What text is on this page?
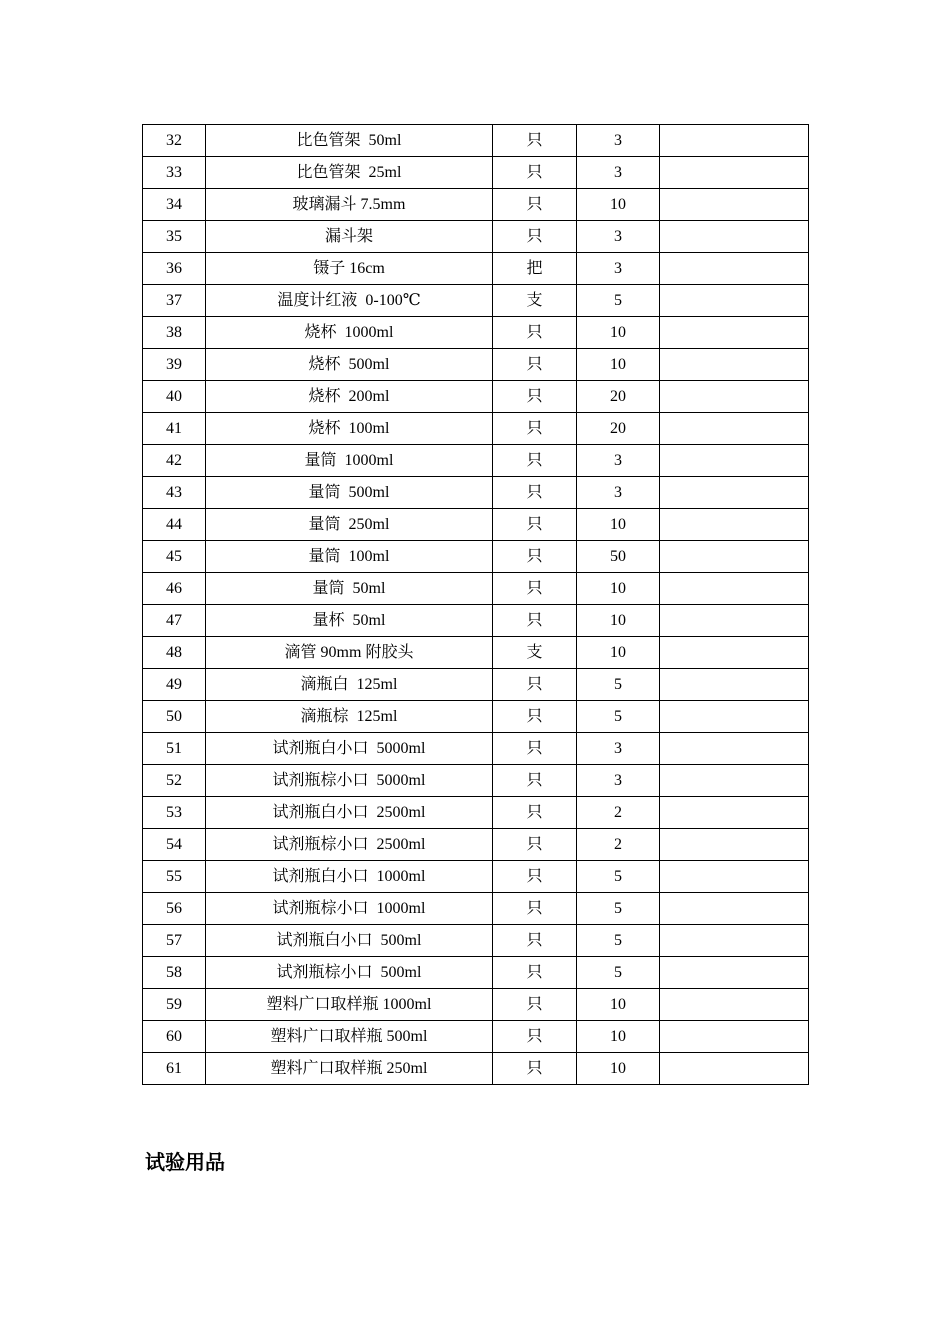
32	比色管架  50ml	只	3	
33	比色管架  25ml	只	3	
34	玻璃漏斗 7.5mm	只	10	
35	漏斗架	只	3	
36	镊子 16cm	把	3	
37	温度计红液  0-100℃	支	5	
38	烧杯  1000ml	只	10	
39	烧杯  500ml	只	10	
40	烧杯  200ml	只	20	
41	烧杯  100ml	只	20	
42	量筒  1000ml	只	3	
43	量筒  500ml	只	3	
44	量筒  250ml	只	10	
45	量筒  100ml	只	50	
46	量筒  50ml	只	10	
47	量杯  50ml	只	10	
48	滴管 90mm 附胶头	支	10	
49	滴瓶白  125ml	只	5	
50	滴瓶棕  125ml	只	5	
51	试剂瓶白小口  5000ml	只	3	
52	试剂瓶棕小口  5000ml	只	3	
53	试剂瓶白小口  2500ml	只	2	
54	试剂瓶棕小口  2500ml	只	2	
55	试剂瓶白小口  1000ml	只	5	
56	试剂瓶棕小口  1000ml	只	5	
57	试剂瓶白小口  500ml	只	5	
58	试剂瓶棕小口  500ml	只	5	
59	塑料广口取样瓶 1000ml	只	10	
60	塑料广口取样瓶 500ml	只	10	
61	塑料广口取样瓶 250ml	只	10	
试验用品
